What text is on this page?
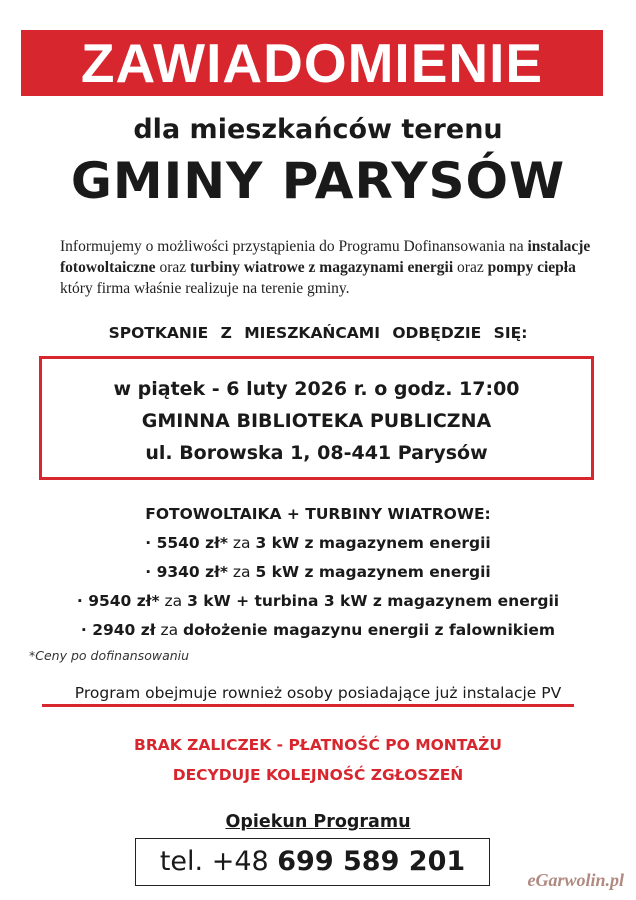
ZAWIADOMIENIE
dla mieszkańców terenu
GMINY PARYSÓW
Informujemy o możliwości przystąpienia do Programu Dofinansowania na instalacje fotowoltaiczne oraz turbiny wiatrowe z magazynami energii oraz pompy ciepła który firma właśnie realizuje na terenie gminy.
SPOTKANIE Z MIESZKAŃCAMI ODBĘDZIE SIĘ:
w piątek - 6 luty 2026 r. o godz. 17:00
GMINNA BIBLIOTEKA PUBLICZNA
ul. Borowska 1, 08-441 Parysów
FOTOWOLTAIKA + TURBINY WIATROWE:
· 5540 zł* za 3 kW z magazynem energii
· 9340 zł* za 5 kW z magazynem energii
· 9540 zł* za 3 kW + turbina 3 kW z magazynem energii
· 2940 zł za dołożenie magazynu energii z falownikiem
*Ceny po dofinansowaniu
Program obejmuje rownież osoby posiadające już instalacje PV
BRAK ZALICZEK - PŁATNOŚĆ PO MONTAŻU
DECYDUJE KOLEJNOŚĆ ZGŁOSZEŃ
Opiekun Programu
tel. +48 699 589 201
eGarwolin.pl
